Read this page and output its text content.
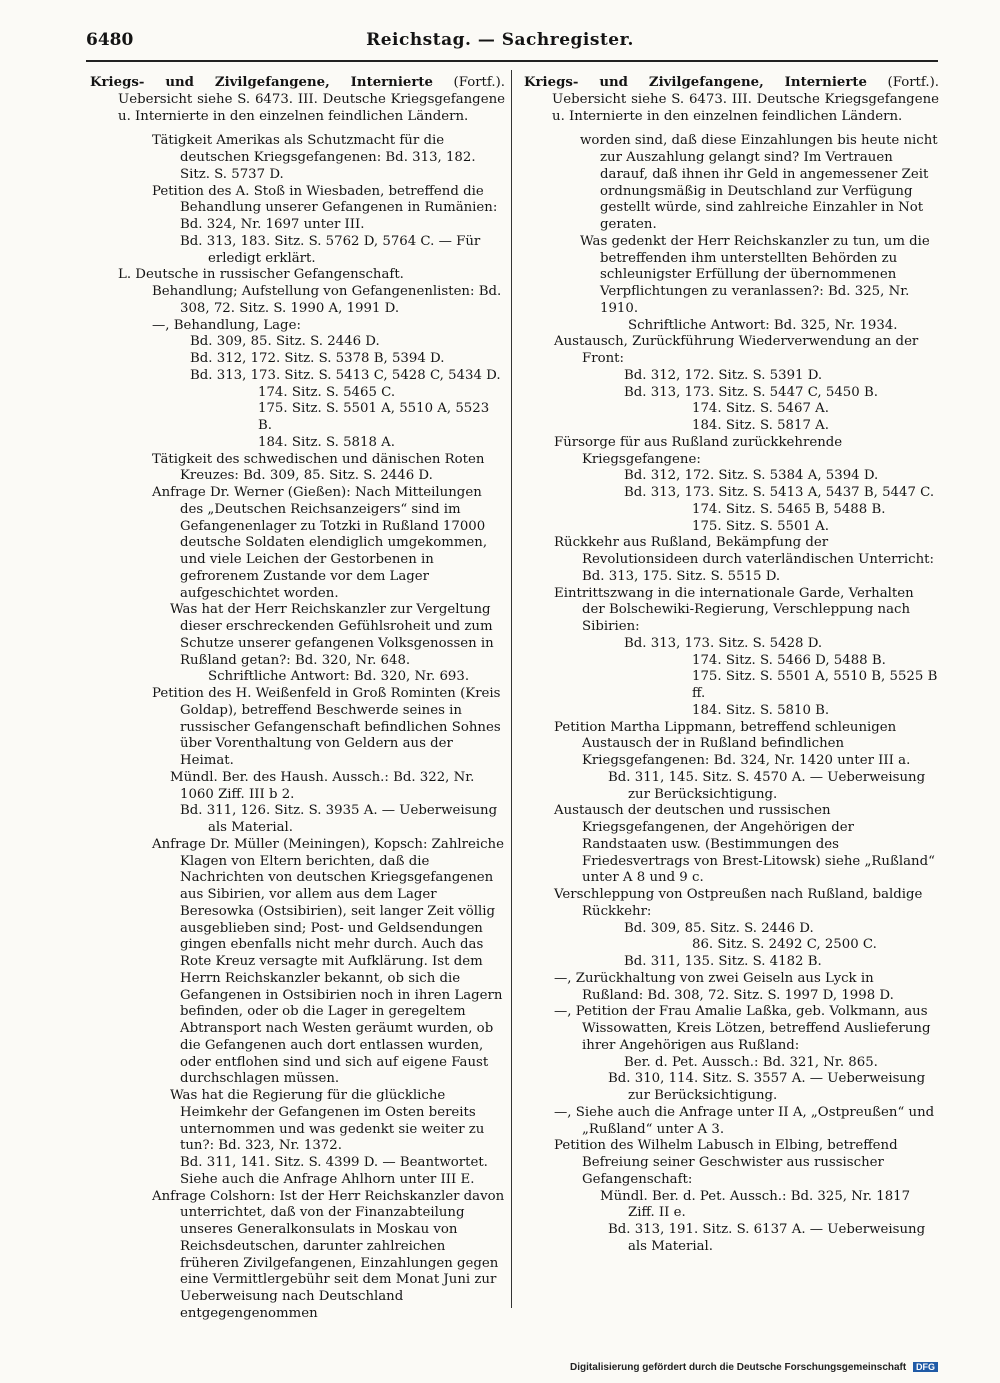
6480	Reichstag. — Sachregister.

Kriegs- und Zivilgefangene, Internierte (Fortf.). Uebersicht siehe S. 6473. III. Deutsche Kriegsgefangene u. Internierte in den einzelnen feindlichen Ländern.

Tätigkeit Amerikas als Schutzmacht für die deutschen Kriegsgefangenen: Bd. 313, 182. Sitz. S. 5737 D.

Petition des A. Stoß in Wiesbaden, betreffend die Behandlung unserer Gefangenen in Rumänien: Bd. 324, Nr. 1697 unter III.

Bd. 313, 183. Sitz. S. 5762 D, 5764 C. — Für erledigt erklärt.

L. Deutsche in russischer Gefangenschaft.

Behandlung; Aufstellung von Gefangenenlisten: Bd. 308, 72. Sitz. S. 1990 A, 1991 D.

—, Behandlung, Lage:

Bd. 309, 85. Sitz. S. 2446 D.

Bd. 312, 172. Sitz. S. 5378 B, 5394 D.

Bd. 313, 173. Sitz. S. 5413 C, 5428 C, 5434 D.

174. Sitz. S. 5465 C.

175. Sitz. S. 5501 A, 5510 A, 5523 B.

184. Sitz. S. 5818 A.

Tätigkeit des schwedischen und dänischen Roten Kreuzes: Bd. 309, 85. Sitz. S. 2446 D.

Anfrage Dr. Werner (Gießen): Nach Mitteilungen des „Deutschen Reichsanzeigers“ sind im Gefangenenlager zu Totzki in Rußland 17000 deutsche Soldaten elendiglich umgekommen, und viele Leichen der Gestorbenen in gefrorenem Zustande vor dem Lager aufgeschichtet worden.

Was hat der Herr Reichskanzler zur Vergeltung dieser erschreckenden Gefühlsroheit und zum Schutze unserer gefangenen Volksgenossen in Rußland getan?: Bd. 320, Nr. 648.

Schriftliche Antwort: Bd. 320, Nr. 693.

Petition des H. Weißenfeld in Groß Rominten (Kreis Goldap), betreffend Beschwerde seines in russischer Gefangenschaft befindlichen Sohnes über Vorenthaltung von Geldern aus der Heimat.

Mündl. Ber. des Haush. Aussch.: Bd. 322, Nr. 1060 Ziff. III b 2.

Bd. 311, 126. Sitz. S. 3935 A. — Ueberweisung als Material.

Anfrage Dr. Müller (Meiningen), Kopsch: Zahlreiche Klagen von Eltern berichten, daß die Nachrichten von deutschen Kriegsgefangenen aus Sibirien, vor allem aus dem Lager Beresowka (Ostsibirien), seit langer Zeit völlig ausgeblieben sind; Post- und Geldsendungen gingen ebenfalls nicht mehr durch. Auch das Rote Kreuz versagte mit Aufklärung. Ist dem Herrn Reichskanzler bekannt, ob sich die Gefangenen in Ostsibirien noch in ihren Lagern befinden, oder ob die Lager in geregeltem Abtransport nach Westen geräumt wurden, ob die Gefangenen auch dort entlassen wurden, oder entflohen sind und sich auf eigene Faust durchschlagen müssen.

Was hat die Regierung für die glückliche Heimkehr der Gefangenen im Osten bereits unternommen und was gedenkt sie weiter zu tun?: Bd. 323, Nr. 1372.

Bd. 311, 141. Sitz. S. 4399 D. — Beantwortet.

Siehe auch die Anfrage Ahlhorn unter III E.

Anfrage Colshorn: Ist der Herr Reichskanzler davon unterrichtet, daß von der Finanzabteilung unseres Generalkonsulats in Moskau von Reichsdeutschen, darunter zahlreichen früheren Zivilgefangenen, Einzahlungen gegen eine Vermittlergebühr seit dem Monat Juni zur Ueberweisung nach Deutschland entgegengenommen

Kriegs- und Zivilgefangene, Internierte (Fortf.). Uebersicht siehe S. 6473. III. Deutsche Kriegsgefangene u. Internierte in den einzelnen feindlichen Ländern.

worden sind, daß diese Einzahlungen bis heute nicht zur Auszahlung gelangt sind? Im Vertrauen darauf, daß ihnen ihr Geld in angemessener Zeit ordnungsmäßig in Deutschland zur Verfügung gestellt würde, sind zahlreiche Einzahler in Not geraten.

Was gedenkt der Herr Reichskanzler zu tun, um die betreffenden ihm unterstellten Behörden zu schleunigster Erfüllung der übernommenen Verpflichtungen zu veranlassen?: Bd. 325, Nr. 1910.

Schriftliche Antwort: Bd. 325, Nr. 1934.

Austausch, Zurückführung Wiederverwendung an der Front:

Bd. 312, 172. Sitz. S. 5391 D.

Bd. 313, 173. Sitz. S. 5447 C, 5450 B.

174. Sitz. S. 5467 A.

184. Sitz. S. 5817 A.

Fürsorge für aus Rußland zurückkehrende Kriegsgefangene:

Bd. 312, 172. Sitz. S. 5384 A, 5394 D.

Bd. 313, 173. Sitz. S. 5413 A, 5437 B, 5447 C.

174. Sitz. S. 5465 B, 5488 B.

175. Sitz. S. 5501 A.

Rückkehr aus Rußland, Bekämpfung der Revolutionsideen durch vaterländischen Unterricht: Bd. 313, 175. Sitz. S. 5515 D.

Eintrittszwang in die internationale Garde, Verhalten der Bolschewiki-Regierung, Verschleppung nach Sibirien:

Bd. 313, 173. Sitz. S. 5428 D.

174. Sitz. S. 5466 D, 5488 B.

175. Sitz. S. 5501 A, 5510 B, 5525 B ff.

184. Sitz. S. 5810 B.

Petition Martha Lippmann, betreffend schleunigen Austausch der in Rußland befindlichen Kriegsgefangenen: Bd. 324, Nr. 1420 unter III a.

Bd. 311, 145. Sitz. S. 4570 A. — Ueberweisung zur Berücksichtigung.

Austausch der deutschen und russischen Kriegsgefangenen, der Angehörigen der Randstaaten usw. (Bestimmungen des Friedesvertrags von Brest-Litowsk) siehe „Rußland“ unter A 8 und 9 c.

Verschleppung von Ostpreußen nach Rußland, baldige Rückkehr:

Bd. 309, 85. Sitz. S. 2446 D.

86. Sitz. S. 2492 C, 2500 C.

Bd. 311, 135. Sitz. S. 4182 B.

—, Zurückhaltung von zwei Geiseln aus Lyck in Rußland: Bd. 308, 72. Sitz. S. 1997 D, 1998 D.

—, Petition der Frau Amalie Laßka, geb. Volkmann, aus Wissowatten, Kreis Lötzen, betreffend Auslieferung ihrer Angehörigen aus Rußland:

Ber. d. Pet. Aussch.: Bd. 321, Nr. 865.

Bd. 310, 114. Sitz. S. 3557 A. — Ueberweisung zur Berücksichtigung.

—, Siehe auch die Anfrage unter II A, „Ostpreußen“ und „Rußland“ unter A 3.

Petition des Wilhelm Labusch in Elbing, betreffend Befreiung seiner Geschwister aus russischer Gefangenschaft:

Mündl. Ber. d. Pet. Aussch.: Bd. 325, Nr. 1817 Ziff. II e.

Bd. 313, 191. Sitz. S. 6137 A. — Ueberweisung als Material.

Digitalisierung gefördert durch die Deutsche Forschungsgemeinschaft DFG
